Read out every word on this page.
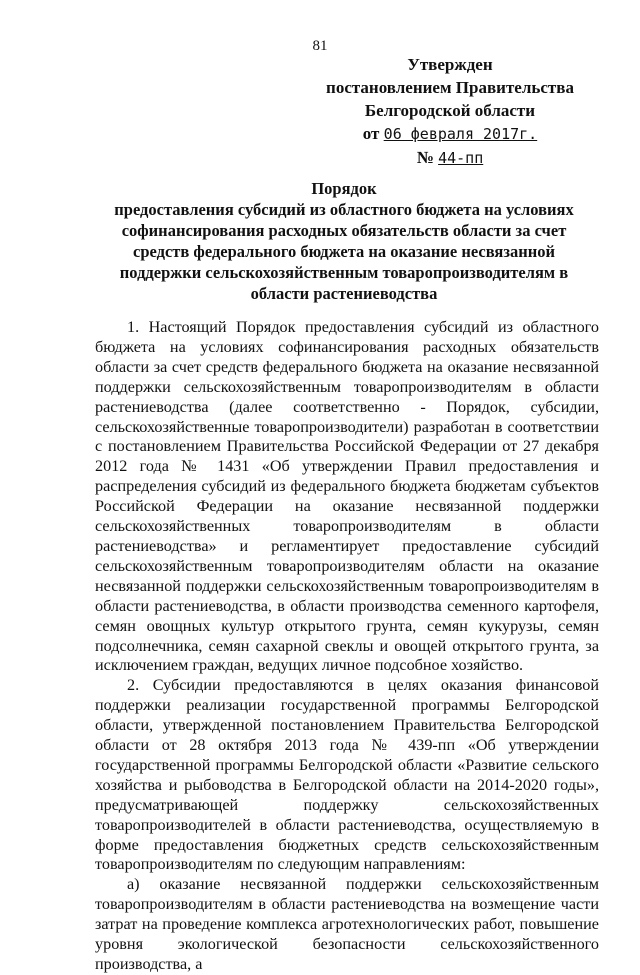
81
Утвержден
постановлением Правительства
Белгородской области
от 06 февраля 2017г.
№ 44-пп
Порядок
предоставления субсидий из областного бюджета на условиях софинансирования расходных обязательств области за счет средств федерального бюджета на оказание несвязанной поддержки сельскохозяйственным товаропроизводителям в области растениеводства

1. Настоящий Порядок предоставления субсидий из областного бюджета на условиях софинансирования расходных обязательств области за счет средств федерального бюджета на оказание несвязанной поддержки сельскохозяйственным товаропроизводителям в области растениеводства (далее соответственно - Порядок, субсидии, сельскохозяйственные товаропроизводители) разработан в соответствии с постановлением Правительства Российской Федерации от 27 декабря 2012 года № 1431 «Об утверждении Правил предоставления и распределения субсидий из федерального бюджета бюджетам субъектов Российской Федерации на оказание несвязанной поддержки сельскохозяйственных товаропроизводителям в области растениеводства» и регламентирует предоставление субсидий сельскохозяйственным товаропроизводителям области на оказание несвязанной поддержки сельскохозяйственным товаропроизводителям в области растениеводства, в области производства семенного картофеля, семян овощных культур открытого грунта, семян кукурузы, семян подсолнечника, семян сахарной свеклы и овощей открытого грунта, за исключением граждан, ведущих личное подсобное хозяйство.

2. Субсидии предоставляются в целях оказания финансовой поддержки реализации государственной программы Белгородской области, утвержденной постановлением Правительства Белгородской области от 28 октября 2013 года № 439-пп «Об утверждении государственной программы Белгородской области «Развитие сельского хозяйства и рыбоводства в Белгородской области на 2014-2020 годы», предусматривающей поддержку сельскохозяйственных товаропроизводителей в области растениеводства, осуществляемую в форме предоставления бюджетных средств сельскохозяйственным товаропроизводителям по следующим направлениям:

а) оказание несвязанной поддержки сельскохозяйственным товаропроизводителям в области растениеводства на возмещение части затрат на проведение комплекса агротехнологических работ, повышение уровня экологической безопасности сельскохозяйственного производства, а
